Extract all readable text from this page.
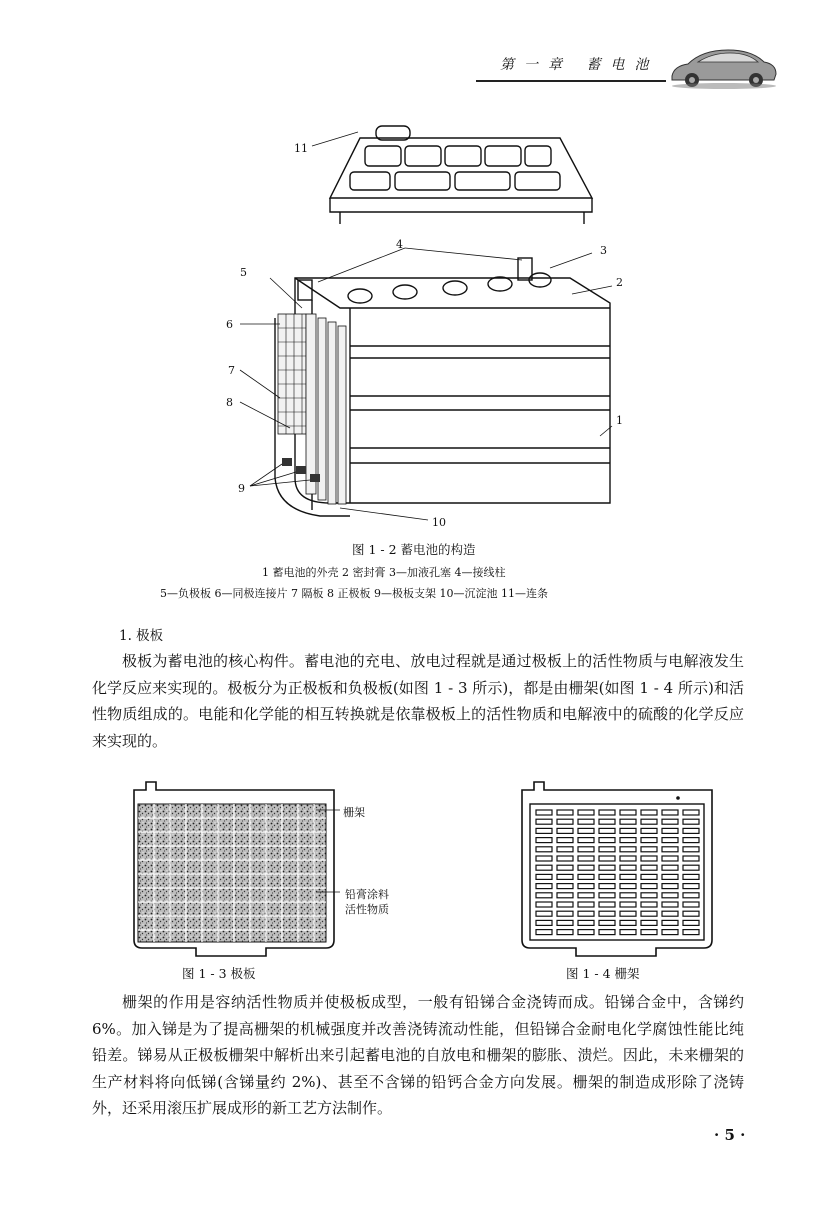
第一章 蓄电池
11
4	3
2
5
6
7
8
1
9
10
图 1 - 2 蓄电池的构造
1 蓄电池的外壳 2 密封膏 3—加液孔塞 4—接线柱
5—负极板 6—同极连接片 7 隔板 8 正极板 9—极板支架 10—沉淀池 11—连条
1. 极板
极板为蓄电池的核心构件。蓄电池的充电、放电过程就是通过极板上的活性物质与电解液发生化学反应来实现的。极板分为正极板和负极板(如图 1 - 3 所示)，都是由栅架(如图 1 - 4 所示)和活性物质组成的。电能和化学能的相互转换就是依靠极板上的活性物质和电解液中的硫酸的化学反应来实现的。
栅架
铅膏涂料
活性物质
图 1 - 3 极板	图 1 - 4 栅架
栅架的作用是容纳活性物质并使极板成型，一般有铅锑合金浇铸而成。铅锑合金中，含锑约 6%。加入锑是为了提高栅架的机械强度并改善浇铸流动性能，但铅锑合金耐电化学腐蚀性能比纯铅差。锑易从正极板栅架中解析出来引起蓄电池的自放电和栅架的膨胀、溃烂。因此，未来栅架的生产材料将向低锑(含锑量约 2%)、甚至不含锑的铅钙合金方向发展。栅架的制造成形除了浇铸外，还采用滚压扩展成形的新工艺方法制作。
· 5 ·
